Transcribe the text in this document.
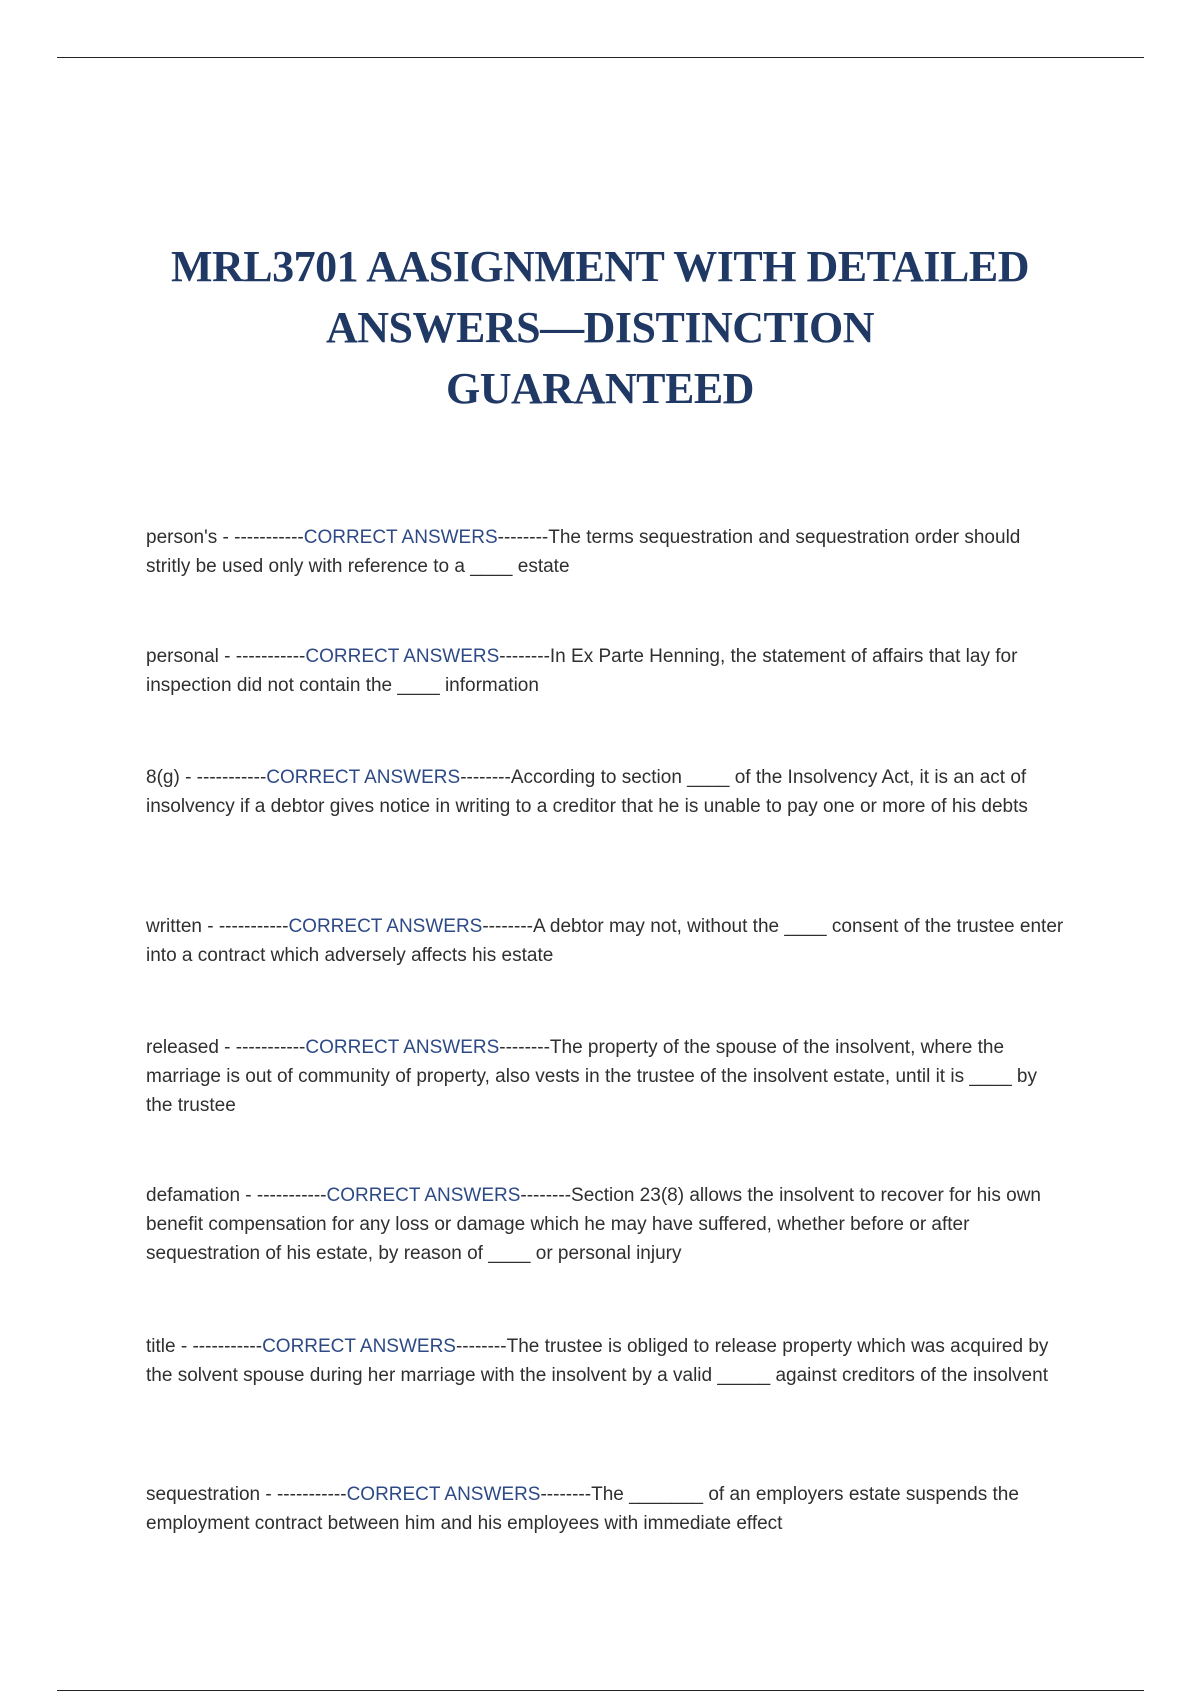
MRL3701 AASIGNMENT WITH DETAILED
ANSWERS—DISTINCTION
GUARANTEED

person's - -----------CORRECT ANSWERS--------The terms sequestration and sequestration order should stritly be used only with reference to a ____ estate

personal - -----------CORRECT ANSWERS--------In Ex Parte Henning, the statement of affairs that lay for inspection did not contain the ____ information

8(g) - -----------CORRECT ANSWERS--------According to section ____ of the Insolvency Act, it is an act of insolvency if a debtor gives notice in writing to a creditor that he is unable to pay one or more of his debts

written - -----------CORRECT ANSWERS--------A debtor may not, without the ____ consent of the trustee enter into a contract which adversely affects his estate

released - -----------CORRECT ANSWERS--------The property of the spouse of the insolvent, where the marriage is out of community of property, also vests in the trustee of the insolvent estate, until it is ____ by the trustee

defamation - -----------CORRECT ANSWERS--------Section 23(8) allows the insolvent to recover for his own benefit compensation for any loss or damage which he may have suffered, whether before or after sequestration of his estate, by reason of ____ or personal injury

title - -----------CORRECT ANSWERS--------The trustee is obliged to release property which was acquired by the solvent spouse during her marriage with the insolvent by a valid _____ against creditors of the insolvent

sequestration - -----------CORRECT ANSWERS--------The _______ of an employers estate suspends the employment contract between him and his employees with immediate effect
